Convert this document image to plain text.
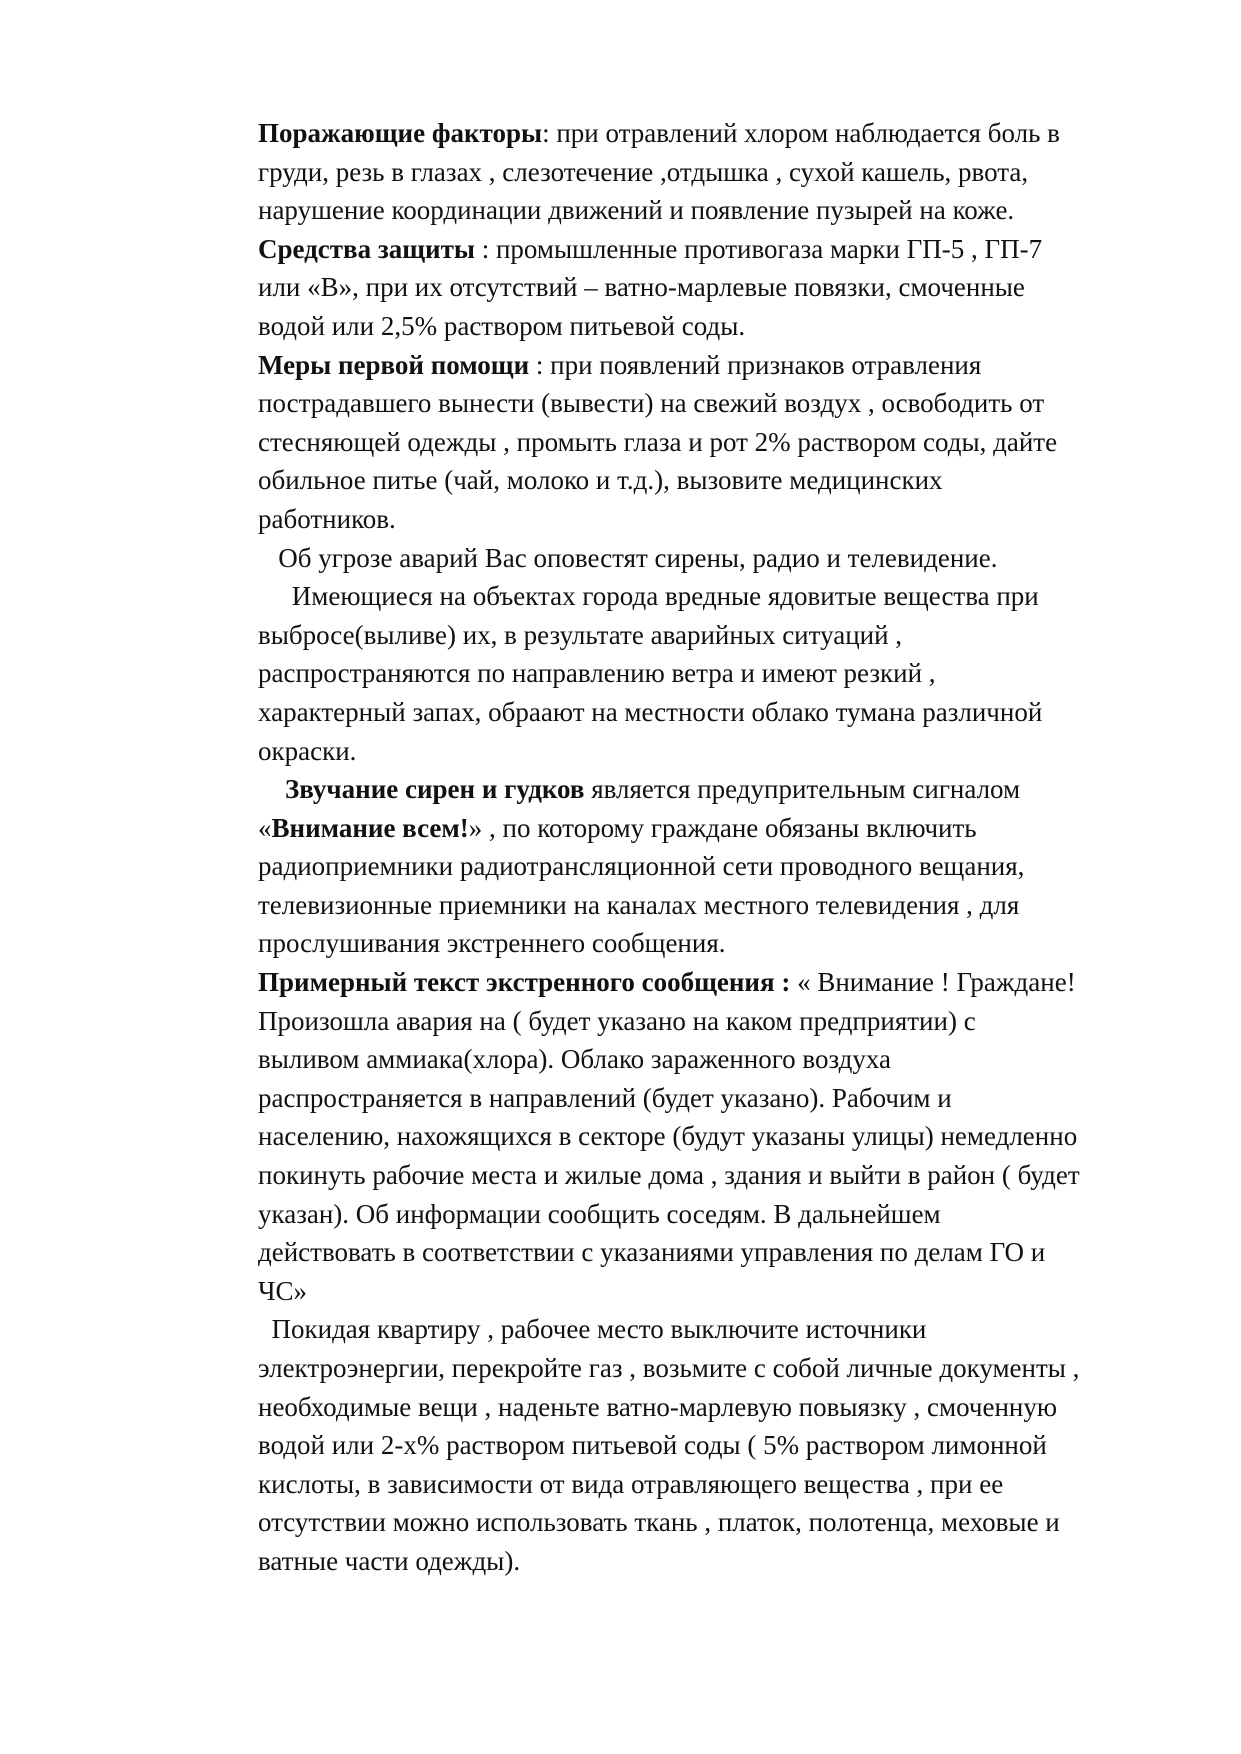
Поражающие факторы: при отравлений хлором наблюдается боль в
груди, резь в глазах , слезотечение ,отдышка , сухой кашель, рвота,
нарушение координации движений и появление пузырей на коже.
Средства защиты : промышленные противогаза марки ГП-5 , ГП-7
или «В», при их отсутствий – ватно-марлевые повязки, смоченные
водой или 2,5% раствором питьевой соды.
Меры первой помощи : при появлений признаков отравления
пострадавшего вынести (вывести) на свежий воздух , освободить от
стесняющей одежды , промыть глаза и рот 2% раствором соды, дайте
обильное питье (чай, молоко и т.д.), вызовите медицинских
работников.
Об угрозе аварий Вас оповестят сирены, радио и телевидение.
Имеющиеся на объектах города вредные ядовитые вещества при
выбросе(выливе) их, в результате аварийных ситуаций ,
распространяются по направлению ветра и имеют резкий ,
характерный запах, обраают на местности облако тумана различной
окраски.
Звучание сирен и гудков является предупрительным сигналом
«Внимание всем!» , по которому граждане обязаны включить
радиоприемники радиотрансляционной сети проводного вещания,
телевизионные приемники на каналах местного телевидения , для
прослушивания экстреннего сообщения.
Примерный текст экстренного сообщения : « Внимание ! Граждане!
Произошла авария на ( будет указано на каком предприятии) с
выливом аммиака(хлора). Облако зараженного воздуха
распространяется в направлений (будет указано). Рабочим и
населению, нахожящихся в секторе (будут указаны улицы) немедленно
покинуть рабочие места и жилые дома , здания и выйти в район ( будет
указан). Об информации сообщить соседям. В дальнейшем
действовать в соответствии с указаниями управления по делам ГО и
ЧС»
Покидая квартиру , рабочее место выключите источники
электроэнергии, перекройте газ , возьмите с собой личные документы ,
необходимые вещи , наденьте ватно-марлевую повыязку , смоченную
водой или 2-х% раствором питьевой соды ( 5% раствором лимонной
кислоты, в зависимости от вида отравляющего вещества , при ее
отсутствии можно использовать ткань , платок, полотенца, меховые и
ватные части одежды).
